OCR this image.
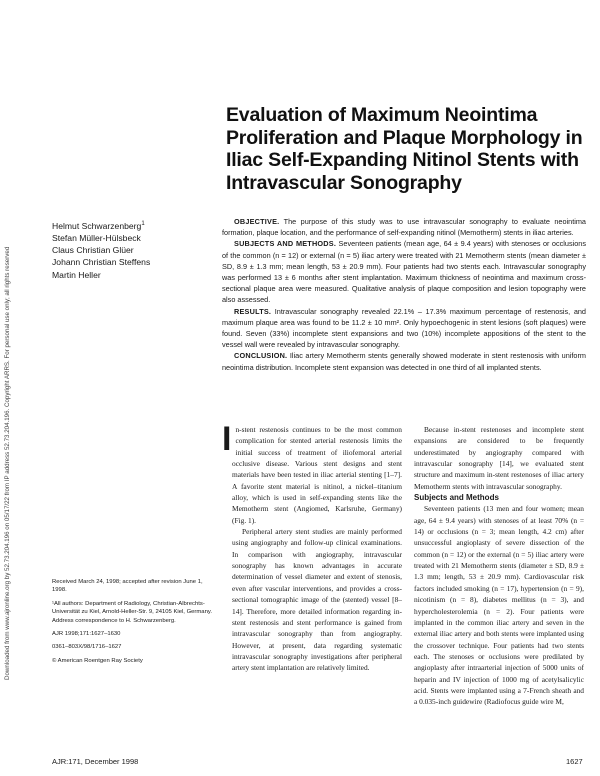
Downloaded from www.ajronline.org by 52.73.204.196 on 05/17/22 from IP address 52.73.204.196. Copyright ARRS. For personal use only; all rights reserved
Evaluation of Maximum Neointima Proliferation and Plaque Morphology in Iliac Self-Expanding Nitinol Stents with Intravascular Sonography
Helmut Schwarzenberg$^1$
Stefan Müller-Hülsbeck
Claus Christian Glüer
Johann Christian Steffens
Martin Heller

OBJECTIVE. The purpose of this study was to use intravascular sonography to evaluate neointima formation, plaque location, and the performance of self-expanding nitinol (Memotherm) stents in iliac arteries.

SUBJECTS AND METHODS. Seventeen patients (mean age, 64 ± 9.4 years) with stenoses or occlusions of the common (n = 12) or external (n = 5) iliac artery were treated with 21 Memotherm stents (mean diameter ± SD, 8.9 ± 1.3 mm; mean length, 53 ± 20.9 mm). Four patients had two stents each. Intravascular sonography was performed 13 ± 6 months after stent implantation. Maximum thickness of neointima and maximum cross-sectional plaque area were measured. Qualitative analysis of plaque composition and lesion topography were also assessed.

RESULTS. Intravascular sonography revealed 22.1% – 17.3% maximum percentage of restenosis, and maximum plaque area was found to be 11.2 ± 10 mm². Only hypoechogenic in stent lesions (soft plaques) were found. Seven (33%) incomplete stent expansions and two (10%) incomplete appositions of the stent to the vessel wall were revealed by intravascular sonography.

CONCLUSION. Iliac artery Memotherm stents generally showed moderate in stent restenosis with uniform neointima distribution. Incomplete stent expansion was detected in one third of all implanted stents.

In-stent restenosis continues to be the most common complication for stented arterial restenosis limits the initial success of treatment of iliofemoral arterial occlusive disease. Various stent designs and stent materials have been tested in iliac arterial stenting [1–7]. A favorite stent material is nitinol, a nickel–titanium alloy, which is used in self-expanding stents like the Memotherm stent (Angiomed, Karlsruhe, Germany) (Fig. 1).

Peripheral artery stent studies are mainly performed using angiography and follow-up clinical examinations. In comparison with angiography, intravascular sonography has known advantages in accurate determination of vessel diameter and extent of stenosis, even after vascular interventions, and provides a cross-sectional tomographic image of the (stented) vessel [8–14]. Therefore, more detailed information regarding in-stent restenosis and stent performance is gained from intravascular sonography than from angiography. However, at present, data regarding systematic intravascular sonography investigations after peripheral artery stent implantation are relatively limited.

Because in-stent restenoses and incomplete stent expansions are considered to be frequently underestimated by angiography compared with intravascular sonography [14], we evaluated stent structure and maximum in-stent restenoses of iliac artery Memotherm stents with intravascular sonography.

Subjects and Methods

Seventeen patients (13 men and four women; mean age, 64 ± 9.4 years) with stenoses of at least 70% (n = 14) or occlusions (n = 3; mean length, 4.2 cm) after unsuccessful angioplasty of severe dissection of the common (n = 12) or the external (n = 5) iliac artery were treated with 21 Memotherm stents (diameter ± SD, 8.9 ± 1.3 mm; length, 53 ± 20.9 mm). Cardiovascular risk factors included smoking (n = 17), hypertension (n = 9), nicotinism (n = 8), diabetes mellitus (n = 3), and hypercholesterolemia (n = 2). Four patients were implanted in the common iliac artery and seven in the external iliac artery and both stents were implanted using the crossover technique. Four patients had two stents each. The stenoses or occlusions were predilated by angioplasty after intraarterial injection of 5000 units of heparin and IV injection of 1000 mg of acetylsalicylic acid. Stents were implanted using a 7-French sheath and a 0.035-inch guidewire (Radiofocus guide wire M,

Received March 24, 1998; accepted after revision June 1, 1998.

¹All authors: Department of Radiology, Christian-Albrechts-Universität zu Kiel, Arnold-Heller-Str. 9, 24105 Kiel, Germany. Address correspondence to H. Schwarzenberg.

AJR 1998;171:1627–1630

0361–803X/98/1716–1627

© American Roentgen Ray Society

AJR:171, December 1998	1627
